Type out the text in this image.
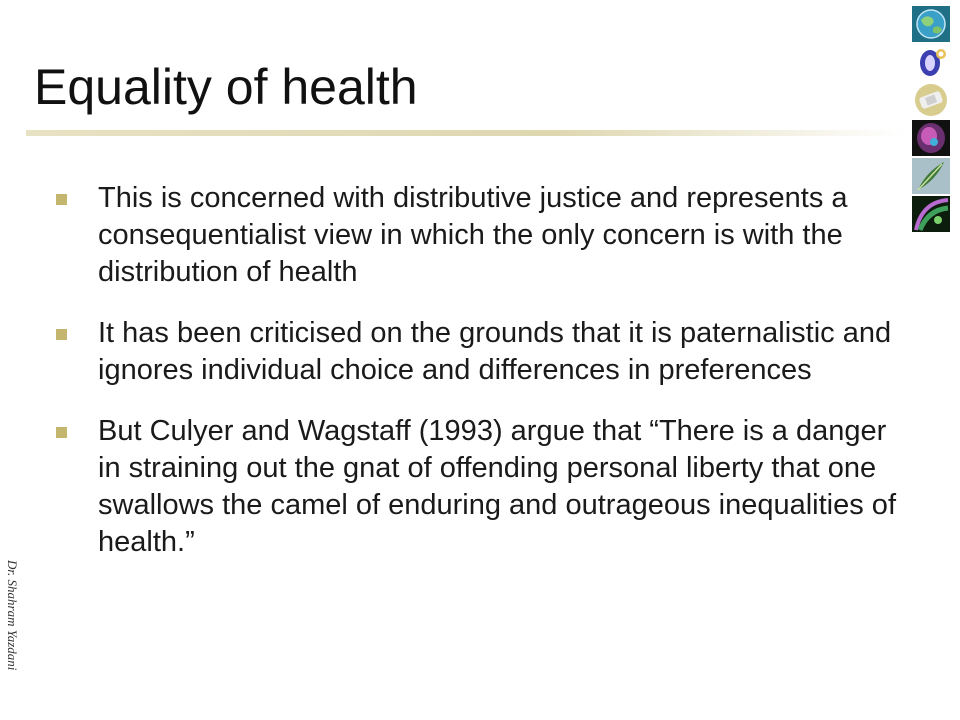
Equality of health
This is concerned with distributive justice and represents a consequentialist view in which the only concern is with the distribution of health
It has been criticised on the grounds that it is paternalistic and ignores individual choice and differences in preferences
But Culyer and Wagstaff (1993) argue that “There is a danger in straining out the gnat of offending personal liberty that one swallows the camel of enduring and outrageous inequalities of health.”
Dr. Shahram Yazdani
